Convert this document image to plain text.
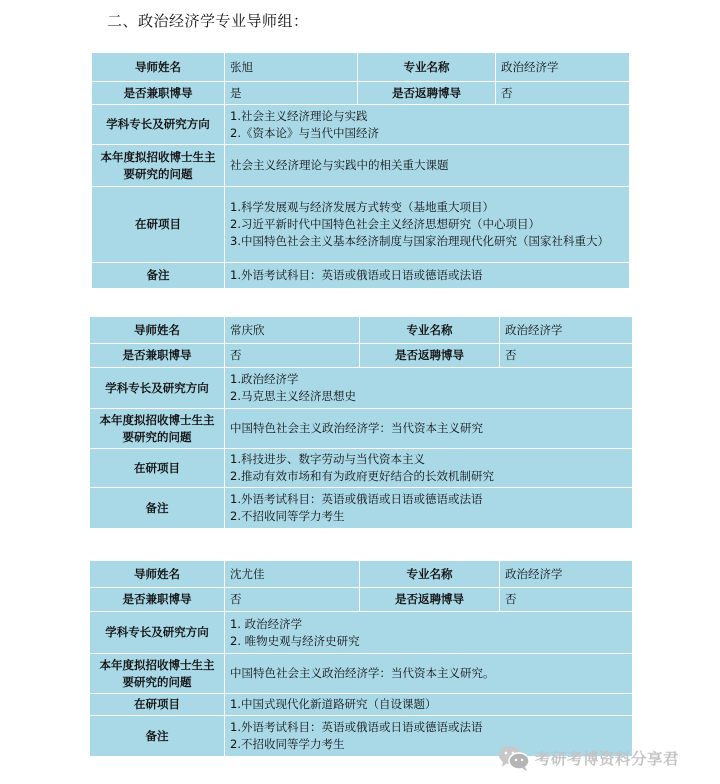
二、政治经济学专业导师组：
导师姓名	张旭	专业名称	政治经济学
是否兼职博导	是	是否返聘博导	否
学科专长及研究方向	1.社会主义经济理论与实践
2.《资本论》与当代中国经济		

本年度拟招收博士生主要研究的问题	社会主义经济理论与实践中的相关重大课题		
在研项目	1.科学发展观与经济发展方式转变（基地重大项目）
2.习近平新时代中国特色社会主义经济思想研究（中心项目）
3.中国特色社会主义基本经济制度与国家治理现代化研究（国家社科重大）		

备注	1.外语考试科目：英语或俄语或日语或德语或法语		
导师姓名	常庆欣	专业名称	政治经济学
是否兼职博导	否	是否返聘博导	否
学科专长及研究方向	1.政治经济学
2.马克思主义经济思想史		

本年度拟招收博士生主要研究的问题	中国特色社会主义政治经济学：当代资本主义研究		
在研项目	1.科技进步、数字劳动与当代资本主义
2.推动有效市场和有为政府更好结合的长效机制研究		

备注	1.外语考试科目：英语或俄语或日语或德语或法语
2.不招收同等学力考生		
导师姓名	沈尤佳	专业名称	政治经济学
是否兼职博导	否	是否返聘博导	否
学科专长及研究方向	1. 政治经济学
2. 唯物史观与经济史研究		

本年度拟招收博士生主要研究的问题	中国特色社会主义政治经济学：当代资本主义研究。		
在研项目	1.中国式现代化新道路研究（自设课题）		

备注	1.外语考试科目：英语或俄语或日语或德语或法语
2.不招收同等学力考生		
考研考博资料分享君
